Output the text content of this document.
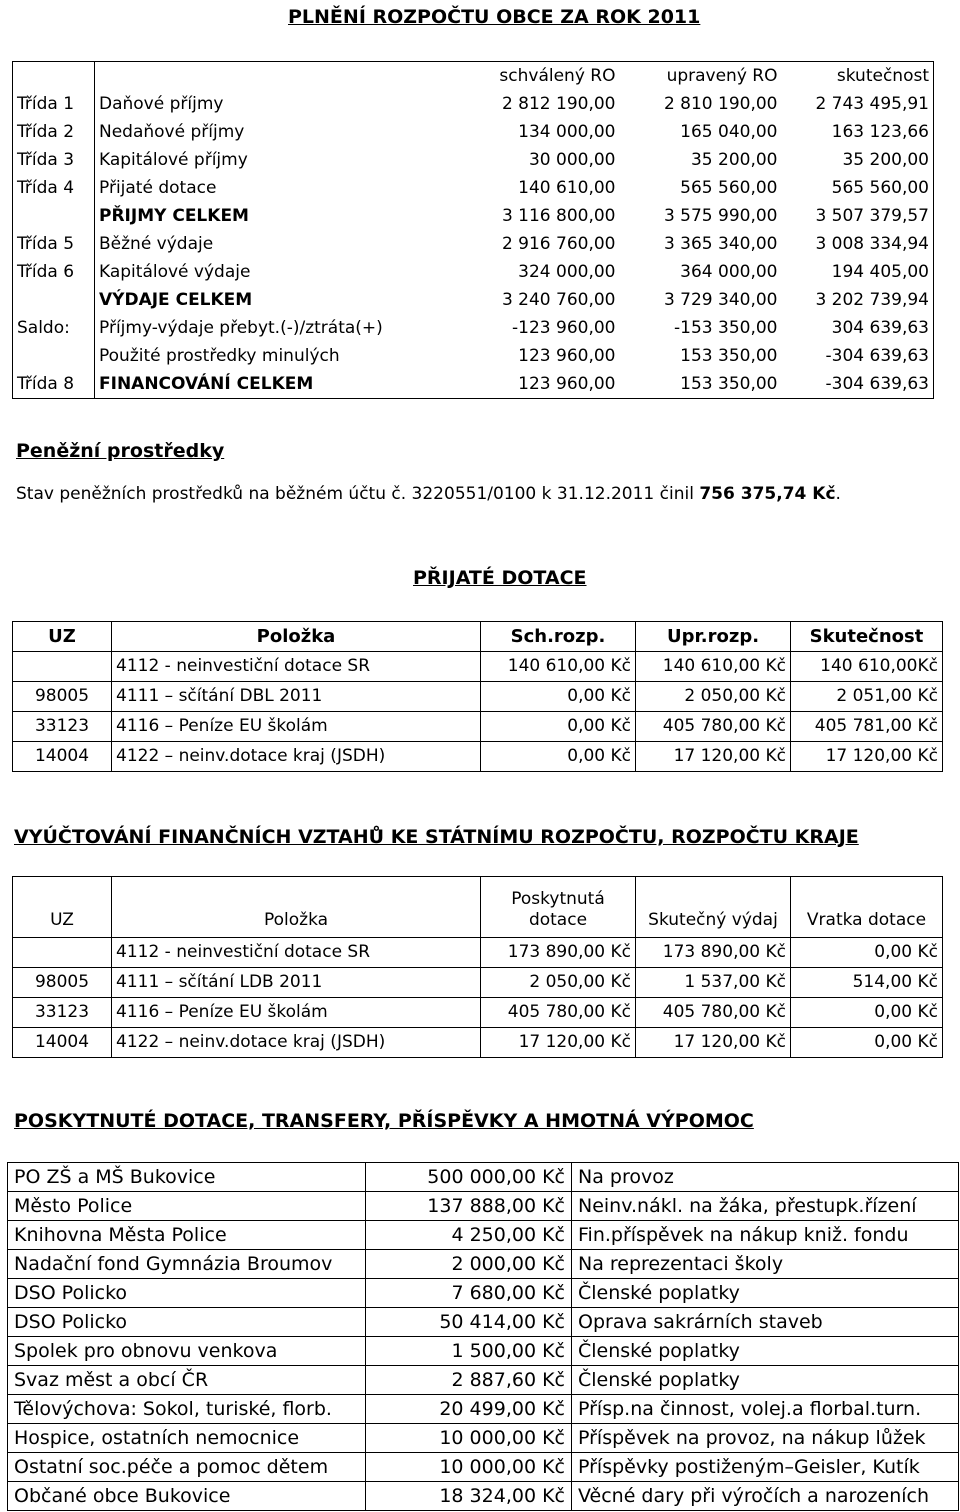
PLNĚNÍ ROZPOČTU OBCE ZA ROK 2011
		schválený RO	upravený RO	skutečnost
Třída 1	Daňové příjmy	2 812 190,00	2 810 190,00	2 743 495,91
Třída 2	Nedaňové příjmy	134 000,00	165 040,00	163 123,66
Třída 3	Kapitálové příjmy	30 000,00	35 200,00	35 200,00
Třída 4	Přijaté dotace	140 610,00	565 560,00	565 560,00
	PŘIJMY CELKEM	3 116 800,00	3 575 990,00	3 507 379,57
Třída 5	Běžné výdaje	2 916 760,00	3 365 340,00	3 008 334,94
Třída 6	Kapitálové výdaje	324 000,00	364 000,00	194 405,00
	VÝDAJE CELKEM	3 240 760,00	3 729 340,00	3 202 739,94
Saldo:	Příjmy-výdaje přebyt.(-)/ztráta(+)	-123 960,00	-153 350,00	304 639,63
	Použité prostředky minulých	123 960,00	153 350,00	-304 639,63
Třída 8	FINANCOVÁNÍ CELKEM	123 960,00	153 350,00	-304 639,63
Peněžní prostředky
Stav peněžních prostředků na běžném účtu č. 3220551/0100 k 31.12.2011 činil 756 375,74 Kč.
PŘIJATÉ DOTACE
UZ	Položka	Sch.rozp.	Upr.rozp.	Skutečnost
	4112 - neinvestiční dotace SR	140 610,00 Kč	140 610,00 Kč	140 610,00Kč
98005	4111 – sčítání DBL 2011	0,00 Kč	2 050,00 Kč	2 051,00 Kč
33123	4116 – Peníze EU školám	0,00 Kč	405 780,00 Kč	405 781,00 Kč
14004	4122 – neinv.dotace kraj (JSDH)	0,00 Kč	17 120,00 Kč	17 120,00 Kč
VYÚČTOVÁNÍ FINANČNÍCH VZTAHŮ KE STÁTNÍMU ROZPOČTU, ROZPOČTU KRAJE
UZ	Položka	Poskytnutá dotace	Skutečný výdaj	Vratka dotace
	4112 - neinvestiční dotace SR	173 890,00 Kč	173 890,00 Kč	0,00 Kč
98005	4111 – sčítání LDB 2011	2 050,00 Kč	1 537,00 Kč	514,00 Kč
33123	4116 – Peníze EU školám	405 780,00 Kč	405 780,00 Kč	0,00 Kč
14004	4122 – neinv.dotace kraj (JSDH)	17 120,00 Kč	17 120,00 Kč	0,00 Kč
POSKYTNUTÉ DOTACE, TRANSFERY, PŘÍSPĚVKY A HMOTNÁ VÝPOMOC
PO ZŠ a MŠ Bukovice	500 000,00 Kč	Na provoz
Město Police	137 888,00 Kč	Neinv.nákl. na žáka, přestupk.řízení
Knihovna Města Police	4 250,00 Kč	Fin.příspěvek na nákup kniž. fondu
Nadační fond Gymnázia Broumov	2 000,00 Kč	Na reprezentaci školy
DSO Policko	7 680,00 Kč	Členské poplatky
DSO Policko	50 414,00 Kč	Oprava sakrárních staveb
Spolek pro obnovu venkova	1 500,00 Kč	Členské poplatky
Svaz měst a obcí ČR	2 887,60 Kč	Členské poplatky
Tělovýchova: Sokol, turiské, florb.	20 499,00 Kč	Přísp.na činnost, volej.a florbal.turn.
Hospice, ostatních nemocnice	10 000,00 Kč	Příspěvek na provoz, na nákup lůžek
Ostatní soc.péče a pomoc dětem	10 000,00 Kč	Příspěvky postiženým–Geisler, Kutík
Občané obce Bukovice	18 324,00 Kč	Věcné dary při výročích a narozeních
